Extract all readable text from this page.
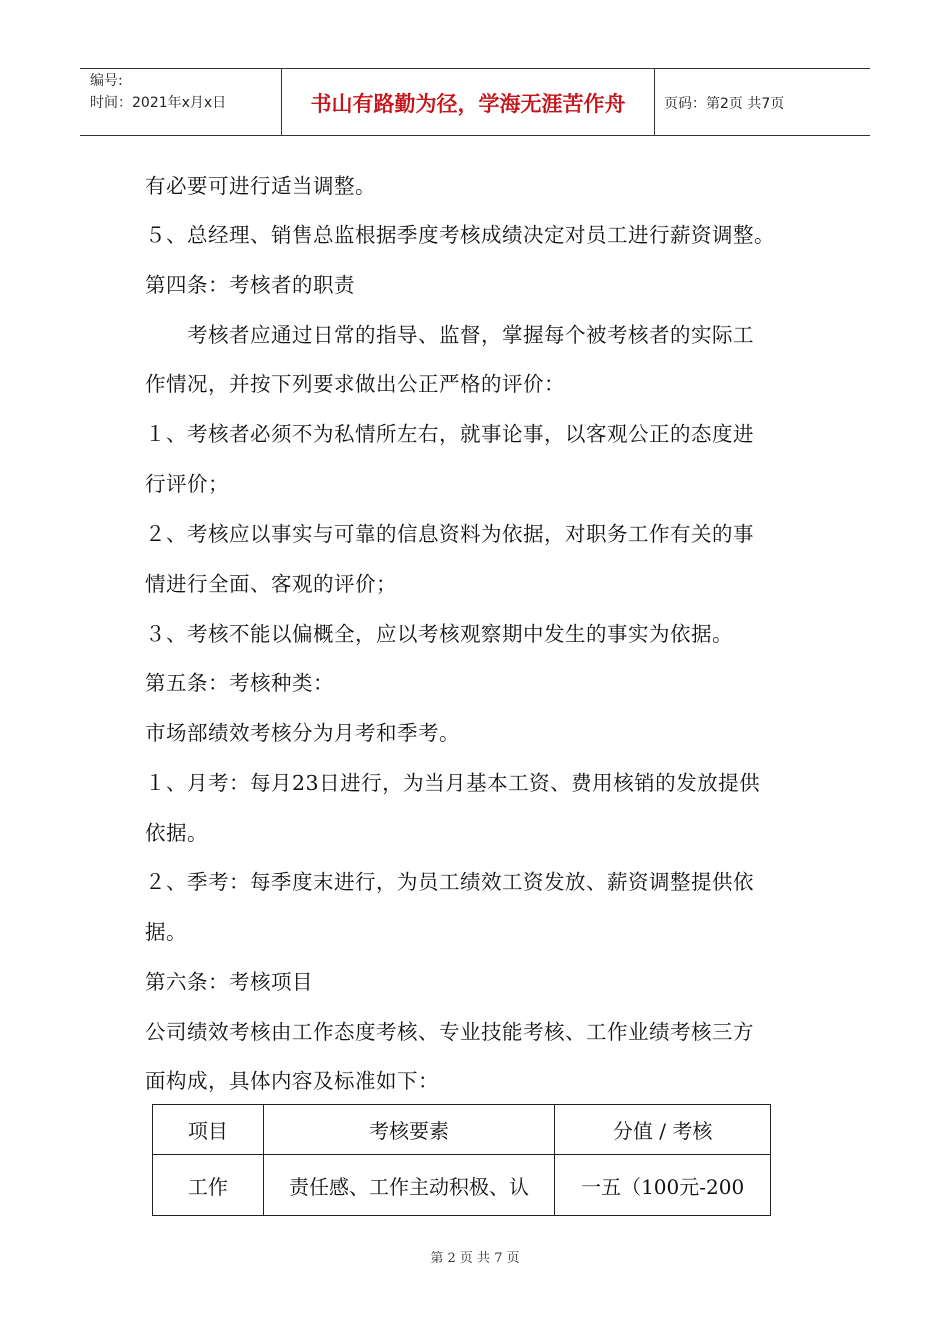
编号:
时间：2021年x月x日	书山有路勤为径，学海无涯苦作舟	页码：第2页 共7页
有必要可进行适当调整。
５、总经理、销售总监根据季度考核成绩决定对员工进行薪资调整。
第四条：考核者的职责
　　考核者应通过日常的指导、监督，掌握每个被考核者的实际工
作情况，并按下列要求做出公正严格的评价：
１、考核者必须不为私情所左右，就事论事，以客观公正的态度进
行评价；
２、考核应以事实与可靠的信息资料为依据，对职务工作有关的事
情进行全面、客观的评价；
３、考核不能以偏概全，应以考核观察期中发生的事实为依据。
第五条：考核种类：
市场部绩效考核分为月考和季考。
１、月考：每月23日进行，为当月基本工资、费用核销的发放提供
依据。
２、季考：每季度末进行，为员工绩效工资发放、薪资调整提供依
据。
第六条：考核项目
公司绩效考核由工作态度考核、专业技能考核、工作业绩考核三方
面构成，具体内容及标准如下：
项目	考核要素	分值 / 考核
工作	责任感、工作主动积极、认	一五（100元-200
第 2 页 共 7 页
